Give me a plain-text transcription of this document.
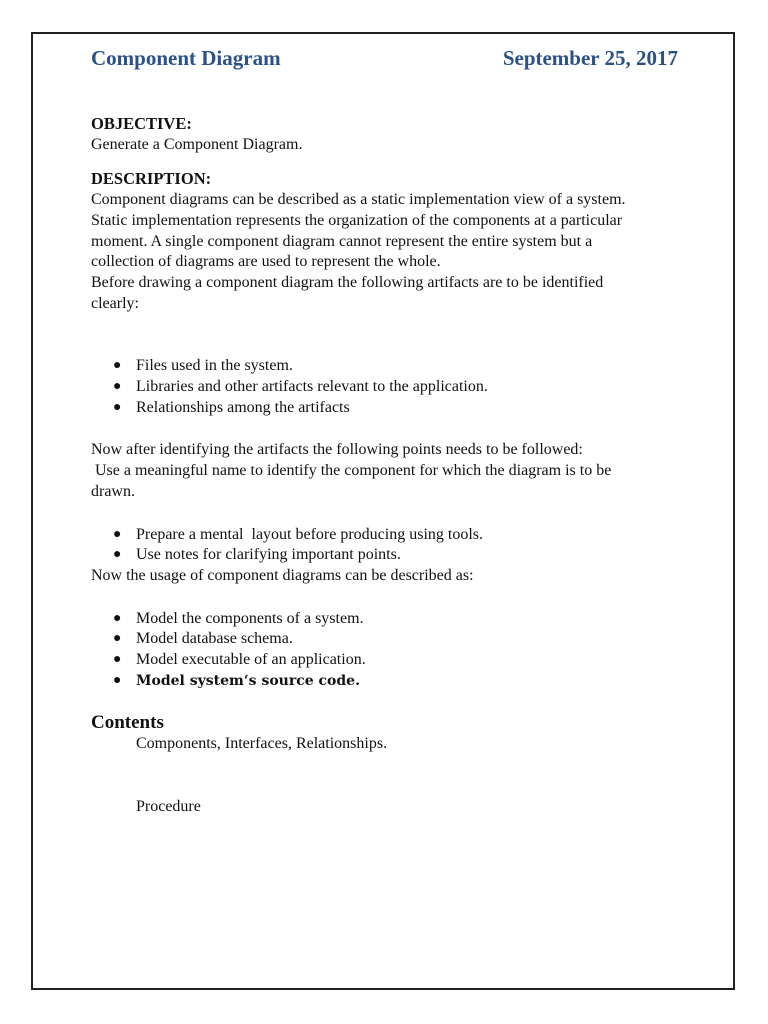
Component Diagram	September 25, 2017

OBJECTIVE:

Generate a Component Diagram.

DESCRIPTION:

Component diagrams can be described as a static implementation view of a system.

Static implementation represents the organization of the components at a particular

moment. A single component diagram cannot represent the entire system but a

collection of diagrams are used to represent the whole.

Before drawing a component diagram the following artifacts are to be identified

clearly:

● Files used in the system.
● Libraries and other artifacts relevant to the application.
● Relationships among the artifacts

Now after identifying the artifacts the following points needs to be followed:

Use a meaningful name to identify the component for which the diagram is to be

drawn.

● Prepare a mental  layout before producing using tools.
● Use notes for clarifying important points.

Now the usage of component diagrams can be described as:

● Model the components of a system.
● Model database schema.
● Model executable of an application.
● Model system‘s source code.

Contents

Components, Interfaces, Relationships.

Procedure
